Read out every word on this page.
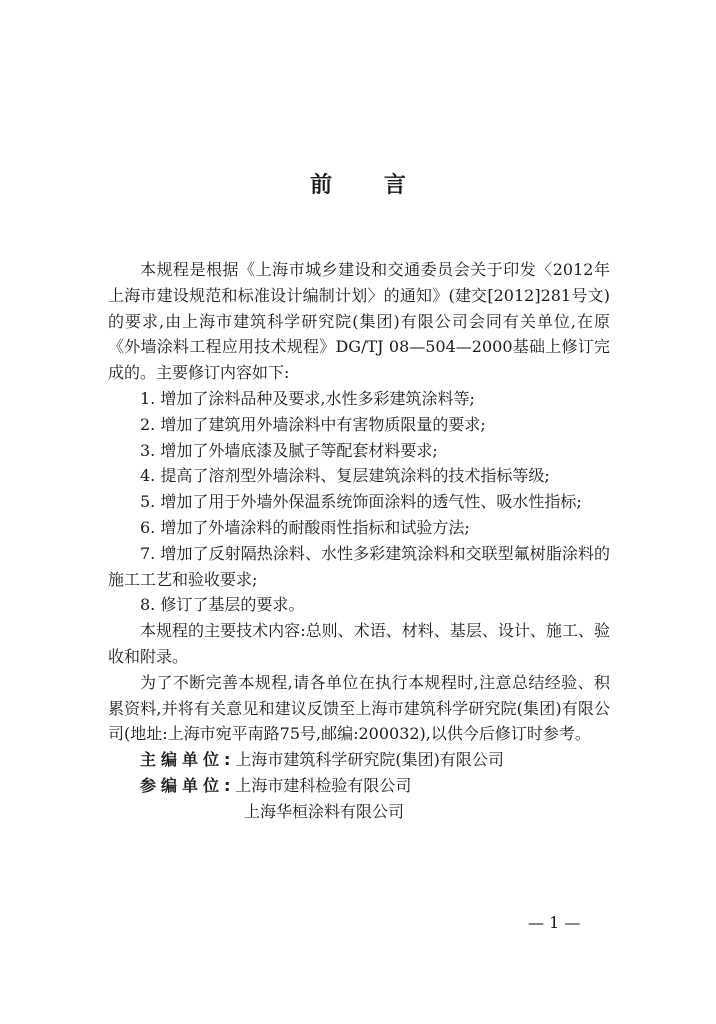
前 言

本规程是根据《上海市城乡建设和交通委员会关于印发〈2012年上海市建设规范和标准设计编制计划〉的通知》(建交[2012]281号文)的要求,由上海市建筑科学研究院(集团)有限公司会同有关单位,在原《外墙涂料工程应用技术规程》DG/TJ 08—504—2000基础上修订完成的。主要修订内容如下:

1. 增加了涂料品种及要求,水性多彩建筑涂料等;

2. 增加了建筑用外墙涂料中有害物质限量的要求;

3. 增加了外墙底漆及腻子等配套材料要求;

4. 提高了溶剂型外墙涂料、复层建筑涂料的技术指标等级;

5. 增加了用于外墙外保温系统饰面涂料的透气性、吸水性指标;

6. 增加了外墙涂料的耐酸雨性指标和试验方法;

7. 增加了反射隔热涂料、水性多彩建筑涂料和交联型氟树脂涂料的施工工艺和验收要求;

8. 修订了基层的要求。

本规程的主要技术内容:总则、术语、材料、基层、设计、施工、验收和附录。

为了不断完善本规程,请各单位在执行本规程时,注意总结经验、积累资料,并将有关意见和建议反馈至上海市建筑科学研究院(集团)有限公司(地址:上海市宛平南路75号,邮编:200032),以供今后修订时参考。

主编单位:上海市建筑科学研究院(集团)有限公司

参编单位:上海市建科检验有限公司

上海华桓涂料有限公司

— 1 —
